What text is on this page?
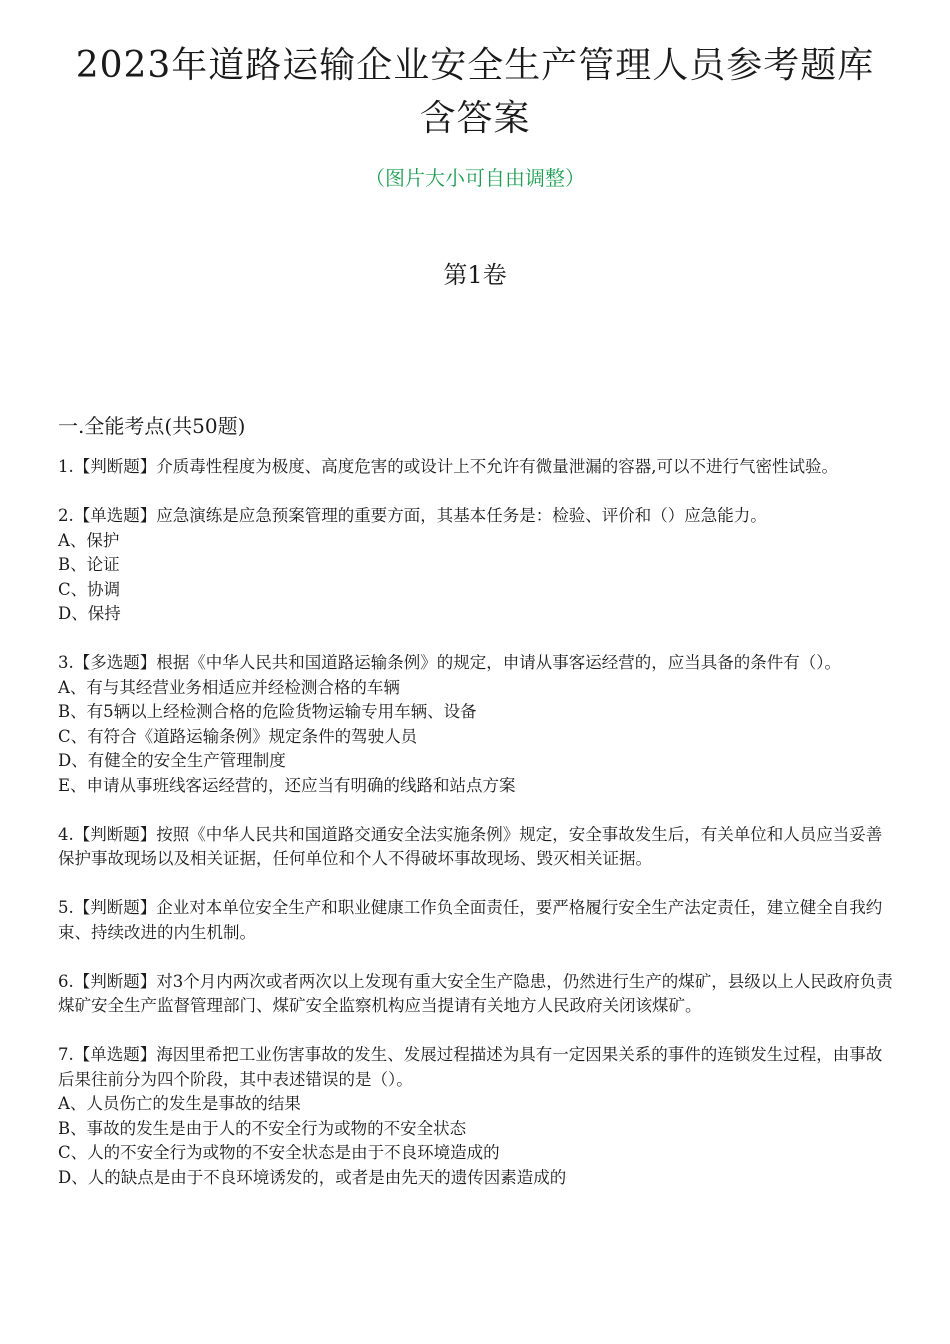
2023年道路运输企业安全生产管理人员参考题库
含答案
（图片大小可自由调整）
第1卷
一.全能考点(共50题)
1.【判断题】介质毒性程度为极度、高度危害的或设计上不允许有微量泄漏的容器,可以不进行气密性试验。
2.【单选题】应急演练是应急预案管理的重要方面，其基本任务是：检验、评价和（）应急能力。
A、保护
B、论证
C、协调
D、保持
3.【多选题】根据《中华人民共和国道路运输条例》的规定，申请从事客运经营的，应当具备的条件有（）。
A、有与其经营业务相适应并经检测合格的车辆
B、有5辆以上经检测合格的危险货物运输专用车辆、设备
C、有符合《道路运输条例》规定条件的驾驶人员
D、有健全的安全生产管理制度
E、申请从事班线客运经营的，还应当有明确的线路和站点方案
4.【判断题】按照《中华人民共和国道路交通安全法实施条例》规定，安全事故发生后，有关单位和人员应当妥善保护事故现场以及相关证据，任何单位和个人不得破坏事故现场、毁灭相关证据。
5.【判断题】企业对本单位安全生产和职业健康工作负全面责任，要严格履行安全生产法定责任，建立健全自我约束、持续改进的内生机制。
6.【判断题】对3个月内两次或者两次以上发现有重大安全生产隐患，仍然进行生产的煤矿，县级以上人民政府负责煤矿安全生产监督管理部门、煤矿安全监察机构应当提请有关地方人民政府关闭该煤矿。
7.【单选题】海因里希把工业伤害事故的发生、发展过程描述为具有一定因果关系的事件的连锁发生过程，由事故后果往前分为四个阶段，其中表述错误的是（）。
A、人员伤亡的发生是事故的结果
B、事故的发生是由于人的不安全行为或物的不安全状态
C、人的不安全行为或物的不安全状态是由于不良环境造成的
D、人的缺点是由于不良环境诱发的，或者是由先天的遗传因素造成的
